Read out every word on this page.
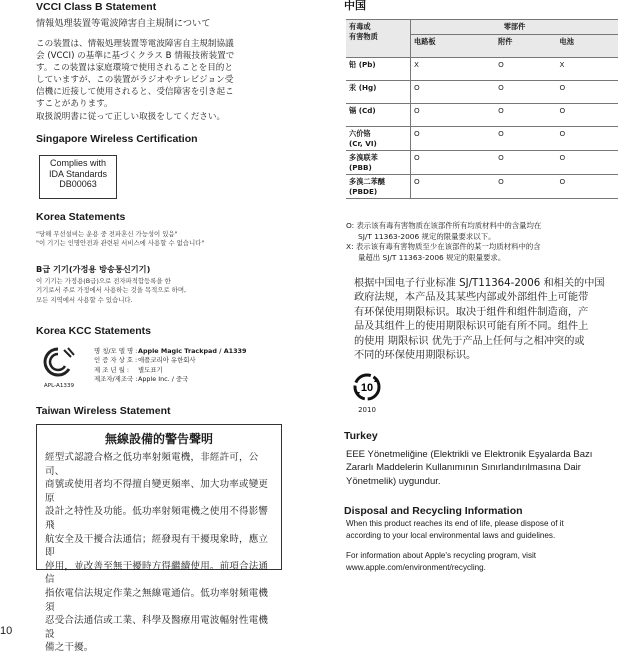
VCCI Class B Statement

情報処理装置等電波障害自主規制について

この装置は、情報処理装置等電波障害自主規制協議

会 (VCCI) の基準に基づくクラス B 情報技術装置で

す。この装置は家庭環境で使用されることを目的と

していますが、この装置がラジオやテレビジョン受

信機に近接して使用されると、受信障害を引き起こ

すことがあります。

取扱説明書に従って正しい取扱をしてください。

Singapore Wireless Certification
Complies with
IDA Standards
DB00063
Korea Statements

"당해 무선설비는 운용 중 전파혼신 가능성이 있음"

"이 기기는 인명안전과 관련된 서비스에 사용할 수 없습니다"

B급 기기(가정용 방송통신기기)

이 기기는 가정용(B급)으로 전자파적합등록을 한

기기로서 주로 가정에서 사용하는 것을 목적으로 하며,

모든 지역에서 사용할 수 있습니다.

Korea KCC Statements
APL-A1339
명 칭/모 델 명 :Apple Magic Trackpad / A1339
인 증 자 상 호 :애플코리아 유한회사
제 조 년 월 : 별도표기
제조자/제조국 :Apple Inc. / 중국
Taiwan Wireless Statement
無線設備的警告聲明
經型式認證合格之低功率射頻電機，非經許可，公司、
商號或使用者均不得擅自變更頻率、加大功率或變更原
設計之特性及功能。低功率射頻電機之使用不得影響飛
航安全及干擾合法通信；經發現有干擾現象時，應立即
停用，並改善至無干擾時方得繼續使用。前項合法通信
指依電信法規定作業之無線電通信。低功率射頻電機須
忍受合法通信或工業、科學及醫療用電波輻射性電機設
備之干擾。
10
中国
有毒或
有害物质	零部件		
	电路板	附件	电池
铅 (Pb)	X	O	X
汞 (Hg)	O	O	O
镉 (Cd)	O	O	O
六价铬
(Cr, VI)	O	O	O
多溴联苯
(PBB)	O	O	O
多溴二苯醚
(PBDE)	O	O	O
O: 表示该有毒有害物质在该部件所有均质材料中的含量均在
SJ/T 11363-2006 规定的限量要求以下。
X: 表示该有毒有害物质至少在该部件的某一均质材料中的含
量超出 SJ/T 11363-2006 规定的限量要求。
根据中国电子行业标准 SJ/T11364-2006 和相关的中国
政府法规，本产品及其某些内部或外部组件上可能带
有环保使用期限标识。取决于组件和组件制造商，产
品及其组件上的使用期限标识可能有所不同。组件上
的使用 期限标识 优先于产品上任何与之相冲突的或
不同的环保使用期限标识。
10
2010
Turkey
EEE Yönetmeliğine (Elektrikli ve Elektronik Eşyalarda Bazı
Zararlı Maddelerin Kullanımının Sınırlandırılmasına Dair
Yönetmelik) uygundur.
Disposal and Recycling Information
When this product reaches its end of life, please dispose of it
according to your local environmental laws and guidelines.
For information about Apple's recycling program, visit
www.apple.com/environment/recycling.
